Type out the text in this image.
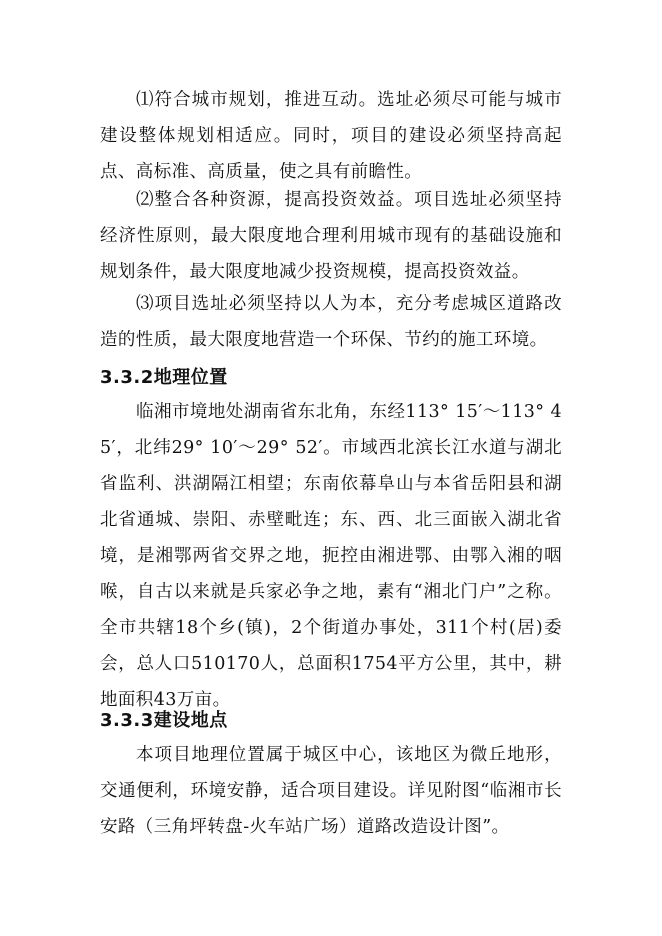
⑴符合城市规划，推进互动。选址必须尽可能与城市建设整体规划相适应。同时，项目的建设必须坚持高起点、高标准、高质量，使之具有前瞻性。

⑵整合各种资源，提高投资效益。项目选址必须坚持经济性原则，最大限度地合理利用城市现有的基础设施和规划条件，最大限度地减少投资规模，提高投资效益。

⑶项目选址必须坚持以人为本，充分考虑城区道路改造的性质，最大限度地营造一个环保、节约的施工环境。

3.3.2地理位置

临湘市境地处湖南省东北角，东经113° 15′～113° 45′，北纬29° 10′～29° 52′。市域西北滨长江水道与湖北省监利、洪湖隔江相望；东南依幕阜山与本省岳阳县和湖北省通城、崇阳、赤壁毗连；东、西、北三面嵌入湖北省境，是湘鄂两省交界之地，扼控由湘进鄂、由鄂入湘的咽喉，自古以来就是兵家必争之地，素有“湘北门户”之称。全市共辖18个乡(镇)，2个街道办事处，311个村(居)委会，总人口510170人，总面积1754平方公里，其中，耕地面积43万亩。

3.3.3建设地点

本项目地理位置属于城区中心，该地区为微丘地形，交通便利，环境安静，适合项目建设。详见附图“临湘市长安路（三角坪转盘-火车站广场）道路改造设计图”。
